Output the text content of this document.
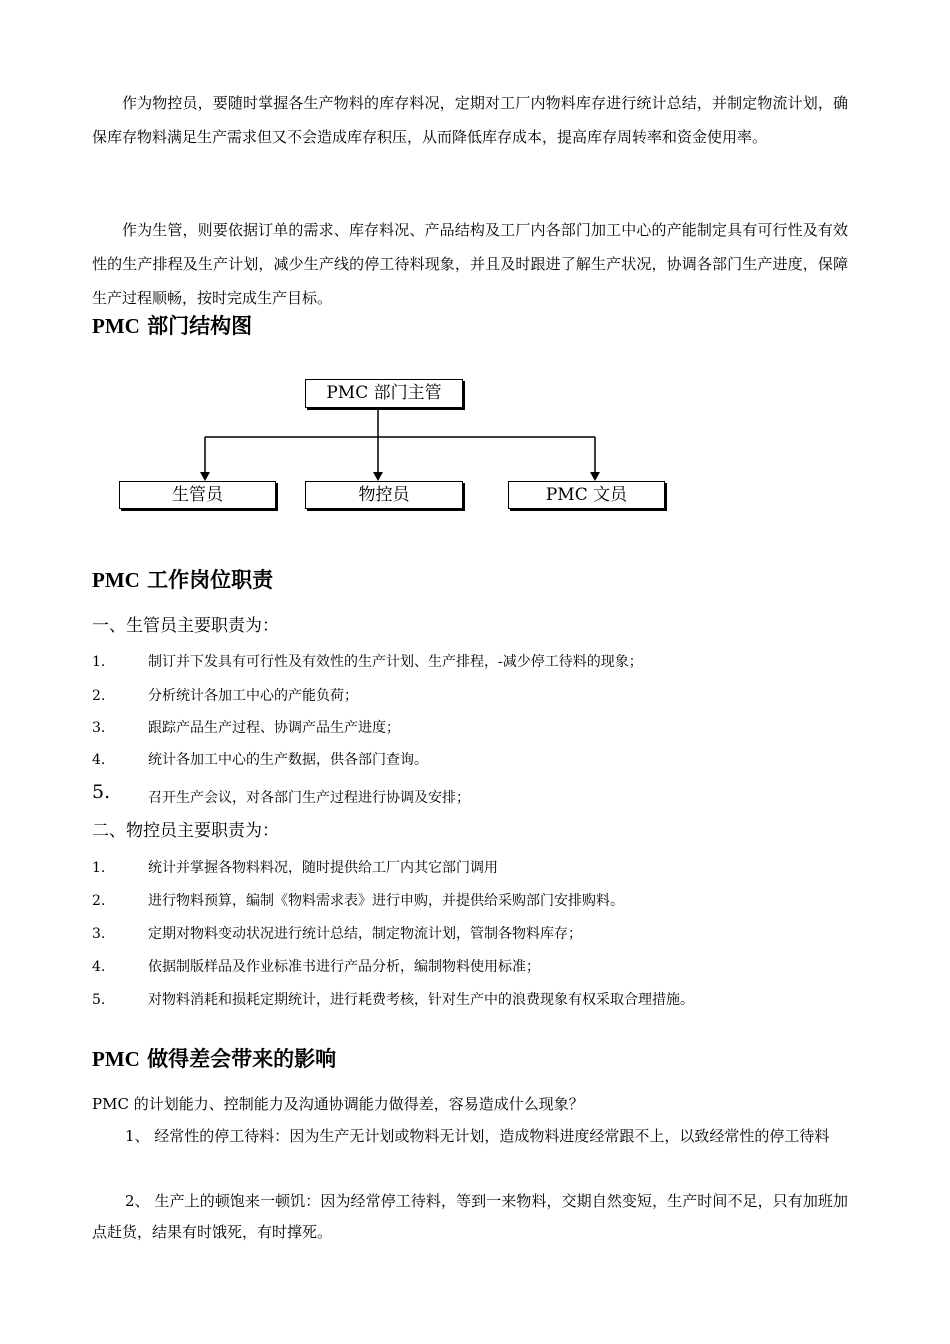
作为物控员，要随时掌握各生产物料的库存料况，定期对工厂内物料库存进行统计总结，并制定物流计划，确保库存物料满足生产需求但又不会造成库存积压，从而降低库存成本，提高库存周转率和资金使用率。

作为生管，则要依据订单的需求、库存料况、产品结构及工厂内各部门加工中心的产能制定具有可行性及有效性的生产排程及生产计划，减少生产线的停工待料现象，并且及时跟进了解生产状况，协调各部门生产进度，保障生产过程顺畅，按时完成生产目标。

PMC 部门结构图
PMC 部门主管
生管员	物控员	PMC 文员
PMC 工作岗位职责

一、生管员主要职责为：

1.	制订并下发具有可行性及有效性的生产计划、生产排程，-减少停工待料的现象；
2.	分析统计各加工中心的产能负荷；
3.	跟踪产品生产过程、协调产品生产进度；
4.	统计各加工中心的生产数据，供各部门查询。
5.	召开生产会议，对各部门生产过程进行协调及安排；

二、物控员主要职责为：

1.	统计并掌握各物料料况，随时提供给工厂内其它部门调用
2.	进行物料预算，编制《物料需求表》进行申购，并提供给采购部门安排购料。
3.	定期对物料变动状况进行统计总结，制定物流计划，管制各物料库存；
4.	依据制版样品及作业标准书进行产品分析，编制物料使用标准；
5.	对物料消耗和损耗定期统计，进行耗费考核，针对生产中的浪费现象有权采取合理措施。
PMC 做得差会带来的影响

PMC 的计划能力、控制能力及沟通协调能力做得差，容易造成什么现象？

1、 经常性的停工待料：因为生产无计划或物料无计划，造成物料进度经常跟不上，以致经常性的停工待料

2、 生产上的顿饱来一顿饥：因为经常停工待料，等到一来物料，交期自然变短，生产时间不足，只有加班加点赶货，结果有时饿死，有时撑死。
